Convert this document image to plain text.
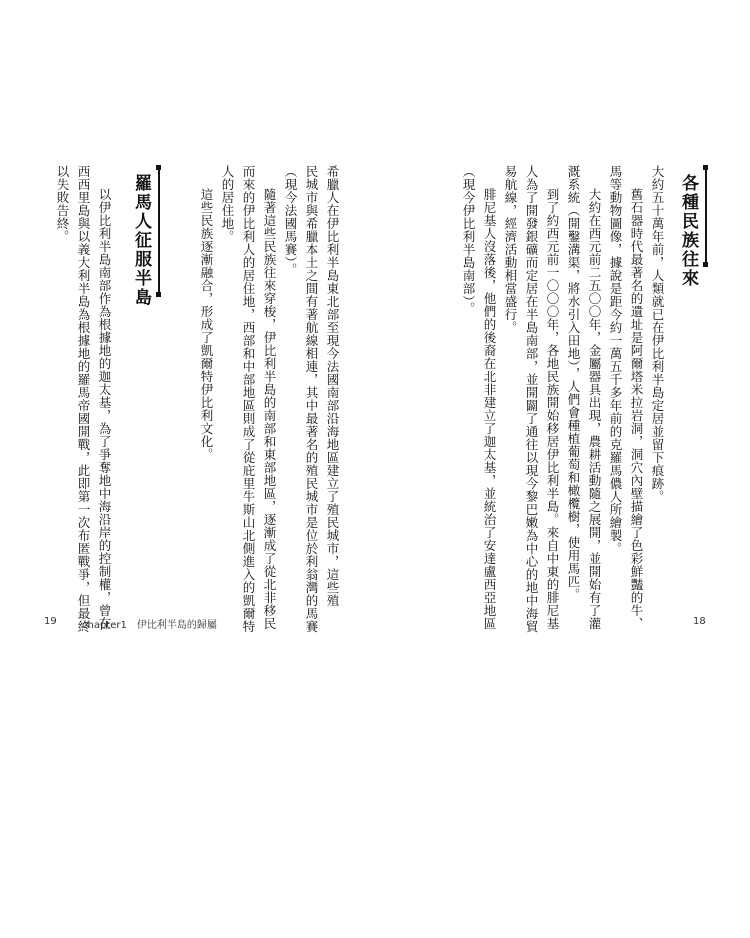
各種民族往來
大約五十萬年前，人類就已在伊比利半島定居並留下痕跡。
舊石器時代最著名的遺址是阿爾塔米拉岩洞，洞穴內壁描繪了色彩鮮豔的牛、
馬等動物圖像，據說是距今約一萬五千多年前的克羅馬儂人所繪製。
大約在西元前二五〇〇年，金屬器具出現，農耕活動隨之展開，並開始有了灌
溉系統（開鑿溝渠，將水引入田地），人們會種植葡萄和橄欖樹，使用馬匹。
到了約西元前一〇〇〇年，各地民族開始移居伊比利半島。來自中東的腓尼基
人為了開發銀礦而定居在半島南部，並開闢了通往以現今黎巴嫩為中心的地中海貿
易航線，經濟活動相當盛行。
腓尼基人沒落後，他們的後裔在北非建立了迦太基，並統治了安達盧西亞地區
（現今伊比利半島南部）。
希臘人在伊比利半島東北部至現今法國南部沿海地區建立了殖民城市，這些殖
民城市與希臘本土之間有著航線相連，其中最著名的殖民城市是位於利翁灣的馬賽
（現今法國馬賽）。
隨著這些民族往來穿梭，伊比利半島的南部和東部地區，逐漸成了從北非移民
而來的伊比利人的居住地，西部和中部地區則成了從庇里牛斯山北側進入的凱爾特
人的居住地。
這些民族逐漸融合，形成了凱爾特伊比利文化。
羅馬人征服半島
以伊比利半島南部作為根據地的迦太基，為了爭奪地中海沿岸的控制權，曾在
西西里島與以義大利半島為根據地的羅馬帝國開戰，此即第一次布匿戰爭，但最終
以失敗告終。
19	chapter1　伊比利半島的歸屬	18
